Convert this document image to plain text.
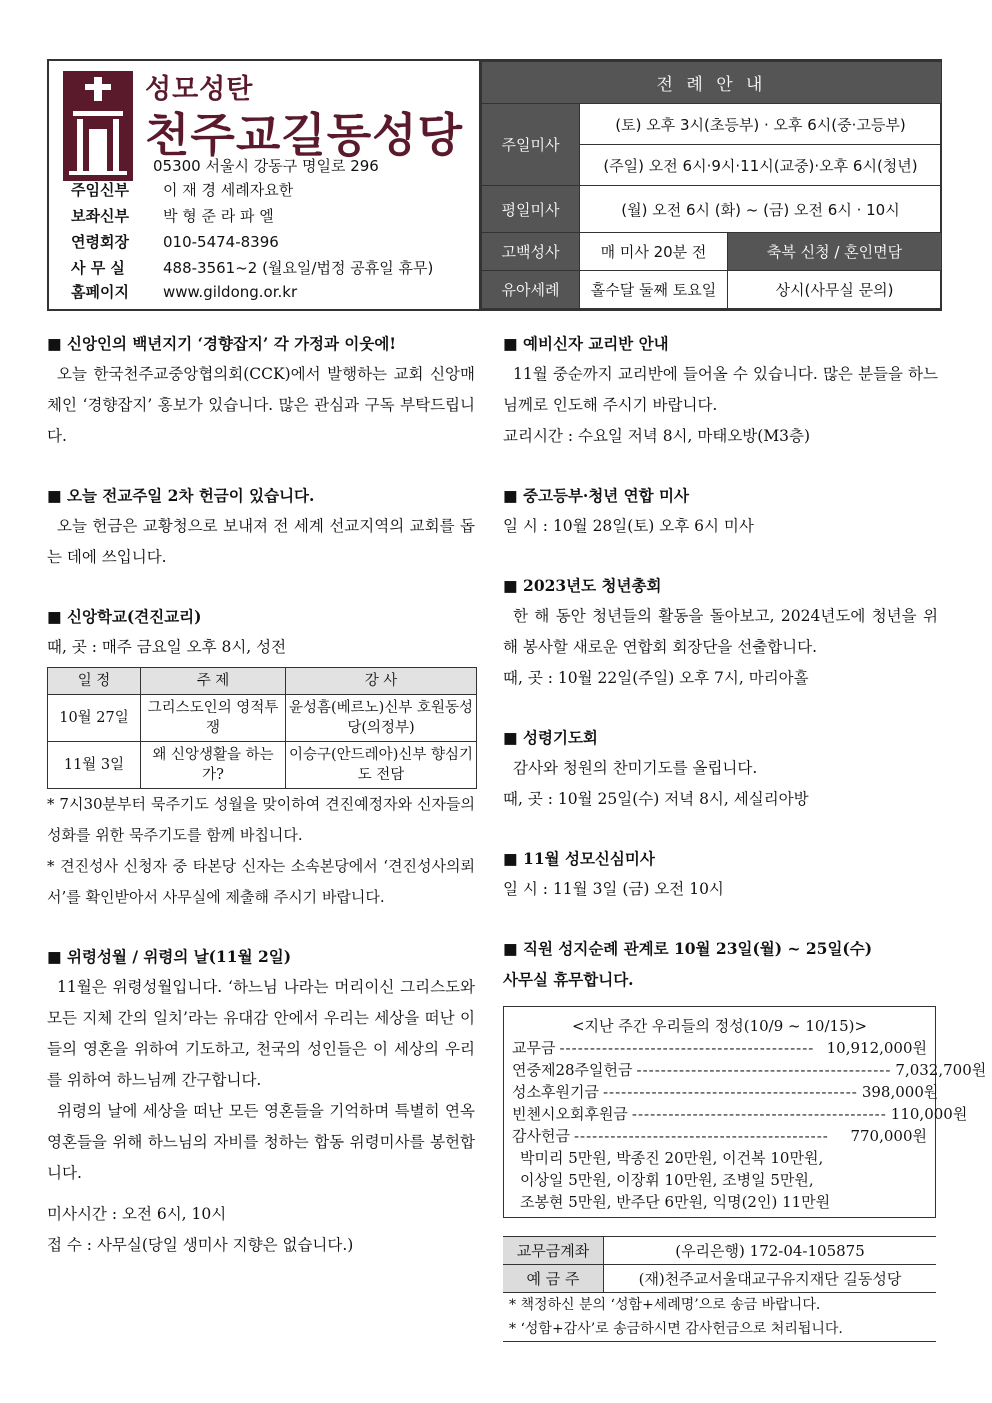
성모성탄
천주교길동성당
05300 서울시 강동구 명일로 296
주임신부 이 재 경 세례자요한
보좌신부 박 형 준 라 파 엘
연령회장 010-5474-8396
사 무 실	488-3561~2 (월요일/법정 공휴일 휴무)
홈페이지 www.gildong.or.kr
전 례 안 내		
주일미사	(토) 오후 3시(초등부) · 오후 6시(중·고등부)	
	(주일) 오전 6시·9시·11시(교중)·오후 6시(청년)	
평일미사	(월) 오전 6시 (화) ~ (금) 오전 6시 · 10시	
고백성사	매 미사 20분 전	축복 신청 / 혼인면담
유아세례	홀수달 둘째 토요일	상시(사무실 문의)
■ 신앙인의 백년지기 ‘경향잡지’ 각 가정과 이웃에!
오늘 한국천주교중앙협의회(CCK)에서 발행하는 교회 신앙매체인 ‘경향잡지’ 홍보가 있습니다. 많은 관심과 구독 부탁드립니다.
■ 오늘 전교주일 2차 헌금이 있습니다.
오늘 헌금은 교황청으로 보내져 전 세계 선교지역의 교회를 돕는 데에 쓰입니다.
■ 신앙학교(견진교리)
때, 곳 : 매주 금요일 오후 8시, 성전
일 정	주 제	강 사
10월 27일	그리스도인의 영적투쟁	윤성흠(베르노)신부 호원동성당(의정부)
11월 3일	왜 신앙생활을 하는가?	이승구(안드레아)신부 향심기도 전담
* 7시30분부터 묵주기도 성월을 맞이하여 견진예정자와 신자들의 성화를 위한 묵주기도를 함께 바칩니다.
* 견진성사 신청자 중 타본당 신자는 소속본당에서 ‘견진성사의뢰서’를 확인받아서 사무실에 제출해 주시기 바랍니다.
■ 위령성월 / 위령의 날(11월 2일)
11월은 위령성월입니다. ‘하느님 나라는 머리이신 그리스도와 모든 지체 간의 일치’라는 유대감 안에서 우리는 세상을 떠난 이들의 영혼을 위하여 기도하고, 천국의 성인들은 이 세상의 우리를 위하여 하느님께 간구합니다.
위령의 날에 세상을 떠난 모든 영혼들을 기억하며 특별히 연옥 영혼들을 위해 하느님의 자비를 청하는 합동 위령미사를 봉헌합니다.
미사시간 : 오전 6시, 10시
접 수 : 사무실(당일 생미사 지향은 없습니다.)
■ 예비신자 교리반 안내
11월 중순까지 교리반에 들어올 수 있습니다. 많은 분들을 하느님께로 인도해 주시기 바랍니다.
교리시간 : 수요일 저녁 8시, 마태오방(M3층)
■ 중고등부·청년 연합 미사
일 시 : 10월 28일(토) 오후 6시 미사
■ 2023년도 청년총회
한 해 동안 청년들의 활동을 돌아보고, 2024년도에 청년을 위해 봉사할 새로운 연합회 회장단을 선출합니다.
때, 곳 : 10월 22일(주일) 오후 7시, 마리아홀
■ 성령기도회
감사와 청원의 찬미기도를 올립니다.
때, 곳 : 10월 25일(수) 저녁 8시, 세실리아방
■ 11월 성모신심미사
일 시 : 11월 3일 (금) 오전 10시
■ 직원 성지순례 관계로 10월 23일(월) ~ 25일(수)
사무실 휴무합니다.
<지난 주간 우리들의 정성(10/9 ~ 10/15)>
교무금 ------------------------------------------ 10,912,000원
연중제28주일헌금 ------------------------------------------ 7,032,700원
성소후원기금 ------------------------------------------ 398,000원
빈첸시오회후원금 ------------------------------------------ 110,000원
감사헌금 ------------------------------------------	770,000원
박미리 5만원, 박종진 20만원, 이건복 10만원,
이상일 5만원, 이장휘 10만원, 조병일 5만원,
조봉현 5만원, 반주단 6만원, 익명(2인) 11만원
교무금계좌	(우리은행) 172-04-105875
예 금 주	(재)천주교서울대교구유지재단 길동성당
* 책정하신 분의 ‘성함+세례명’으로 송금 바랍니다.
* ‘성함+감사’로 송금하시면 감사헌금으로 처리됩니다.
